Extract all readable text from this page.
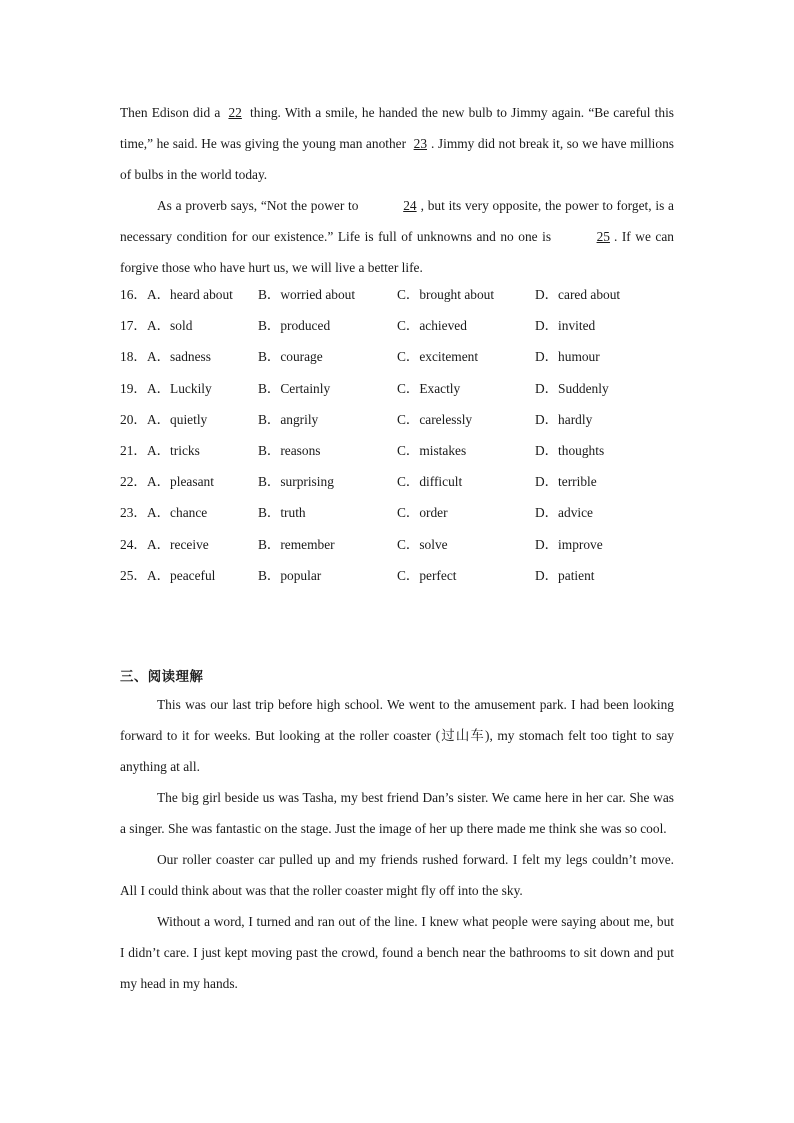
Then Edison did a 22 thing. With a smile, he handed the new bulb to Jimmy again. “Be careful this time,” he said. He was giving the young man another 23 . Jimmy did not break it, so we have millions of bulbs in the world today.

As a proverb says, “Not the power to	24 , but its very opposite, the power to forget, is a necessary condition for our existence.” Life is full of unknowns and no one is	25 . If we can forgive those who have hurt us, we will live a better life.

16． A．heard about B．worried about	C．brought about	D．cared about
17． A．sold	B．produced	C．achieved	D．invited
18． A．sadness	B．courage	C．excitement	D．humour
19． A．Luckily	B．Certainly	C．Exactly	D．Suddenly
20． A．quietly	B．angrily	C．carelessly	D．hardly
21． A．tricks	B．reasons	C．mistakes	D．thoughts
22． A．pleasant	B．surprising	C．difficult	D．terrible
23． A．chance	B．truth	C．order	D．advice
24． A．receive	B．remember	C．solve	D．improve
25． A．peaceful	B．popular	C．perfect	D．patient
三、阅读理解

This was our last trip before high school. We went to the amusement park. I had been looking forward to it for weeks. But looking at the roller coaster (过山车), my stomach felt too tight to say anything at all.

The big girl beside us was Tasha, my best friend Dan’s sister. We came here in her car. She was a singer. She was fantastic on the stage. Just the image of her up there made me think she was so cool.

Our roller coaster car pulled up and my friends rushed forward. I felt my legs couldn’t move. All I could think about was that the roller coaster might fly off into the sky.

Without a word, I turned and ran out of the line. I knew what people were saying about me, but I didn’t care. I just kept moving past the crowd, found a bench near the bathrooms to sit down and put my head in my hands.
